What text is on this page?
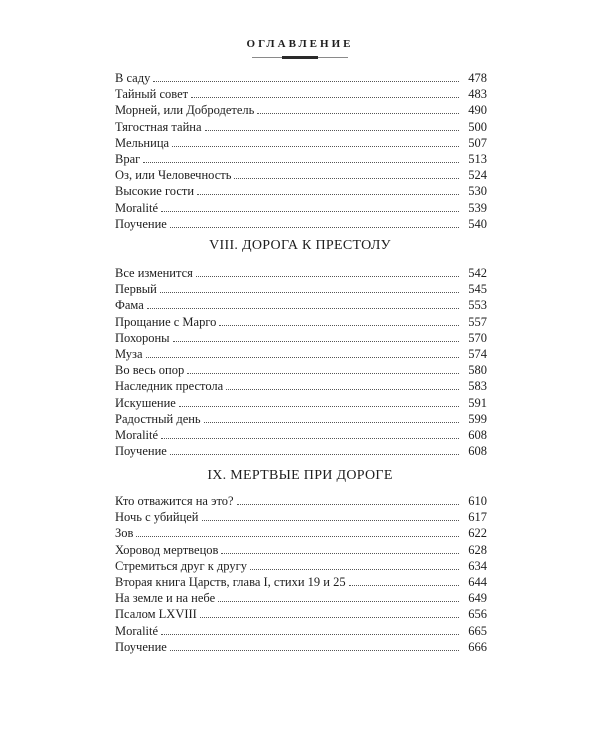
ОГЛАВЛЕНИЕ
В саду	478
Тайный совет	483
Морней, или Добродетель	490
Тягостная тайна	500
Мельница	507
Враг	513
Оз, или Человечность	524
Высокие гости	530
Moralité	539
Поучение	540
VIII. ДОРОГА К ПРЕСТОЛУ
Все изменится	542
Первый	545
Фама	553
Прощание с Марго	557
Похороны	570
Муза	574
Во весь опор	580
Наследник престола	583
Искушение	591
Радостный день	599
Moralité	608
Поучение	608
IX. МЕРТВЫЕ ПРИ ДОРОГЕ
Кто отважится на это?	610
Ночь с убийцей	617
Зов	622
Хоровод мертвецов	628
Стремиться друг к другу	634
Вторая книга Царств, глава I, стихи 19 и 25	644
На земле и на небе	649
Псалом LXVIII	656
Moralité	665
Поучение	666
